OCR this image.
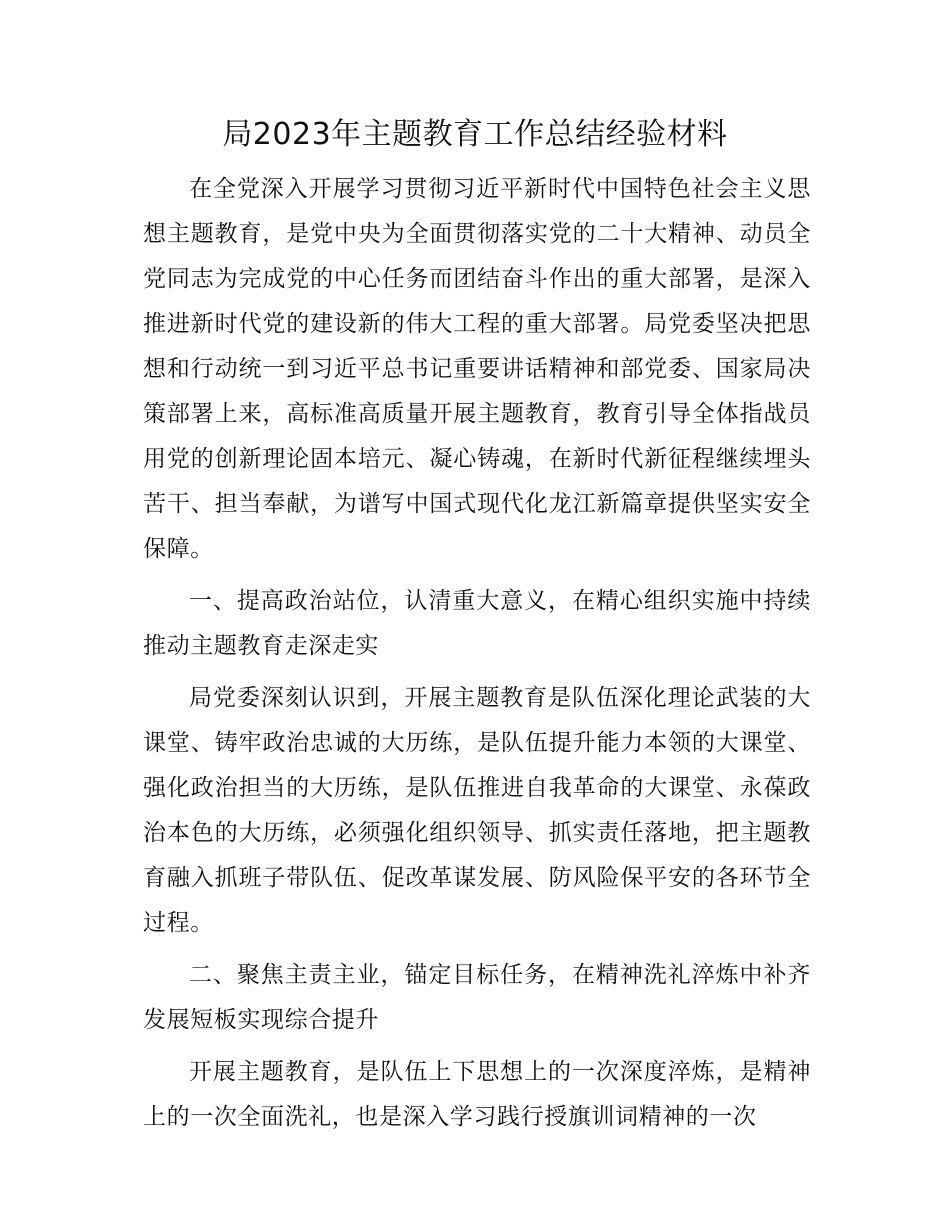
局2023年主题教育工作总结经验材料

在全党深入开展学习贯彻习近平新时代中国特色社会主义思想主题教育，是党中央为全面贯彻落实党的二十大精神、动员全党同志为完成党的中心任务而团结奋斗作出的重大部署，是深入推进新时代党的建设新的伟大工程的重大部署。局党委坚决把思想和行动统一到习近平总书记重要讲话精神和部党委、国家局决策部署上来，高标准高质量开展主题教育，教育引导全体指战员用党的创新理论固本培元、凝心铸魂，在新时代新征程继续埋头苦干、担当奉献，为谱写中国式现代化龙江新篇章提供坚实安全保障。

一、提高政治站位，认清重大意义，在精心组织实施中持续推动主题教育走深走实

局党委深刻认识到，开展主题教育是队伍深化理论武装的大课堂、铸牢政治忠诚的大历练，是队伍提升能力本领的大课堂、强化政治担当的大历练，是队伍推进自我革命的大课堂、永葆政治本色的大历练，必须强化组织领导、抓实责任落地，把主题教育融入抓班子带队伍、促改革谋发展、防风险保平安的各环节全过程。

二、聚焦主责主业，锚定目标任务，在精神洗礼淬炼中补齐发展短板实现综合提升

开展主题教育，是队伍上下思想上的一次深度淬炼，是精神上的一次全面洗礼，也是深入学习践行授旗训词精神的一次
